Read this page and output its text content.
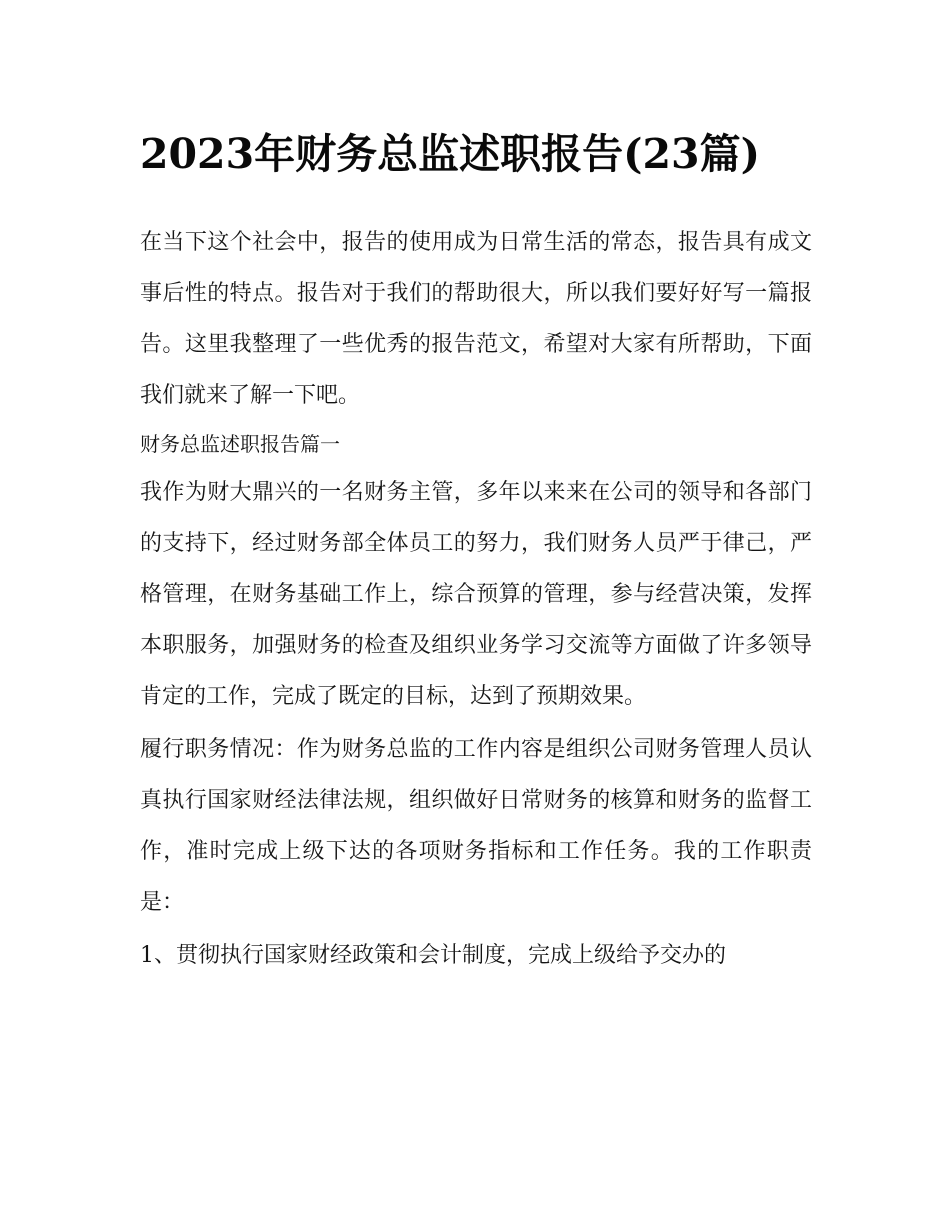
2023年财务总监述职报告(23篇)

在当下这个社会中，报告的使用成为日常生活的常态，报告具有成文事后性的特点。报告对于我们的帮助很大，所以我们要好好写一篇报告。这里我整理了一些优秀的报告范文，希望对大家有所帮助，下面我们就来了解一下吧。

财务总监述职报告篇一

我作为财大鼎兴的一名财务主管，多年以来来在公司的领导和各部门的支持下，经过财务部全体员工的努力，我们财务人员严于律己，严格管理，在财务基础工作上，综合预算的管理，参与经营决策，发挥本职服务，加强财务的检查及组织业务学习交流等方面做了许多领导肯定的工作，完成了既定的目标，达到了预期效果。

履行职务情况：作为财务总监的工作内容是组织公司财务管理人员认真执行国家财经法律法规，组织做好日常财务的核算和财务的监督工作，准时完成上级下达的各项财务指标和工作任务。我的工作职责是：

1、贯彻执行国家财经政策和会计制度，完成上级给予交办的
